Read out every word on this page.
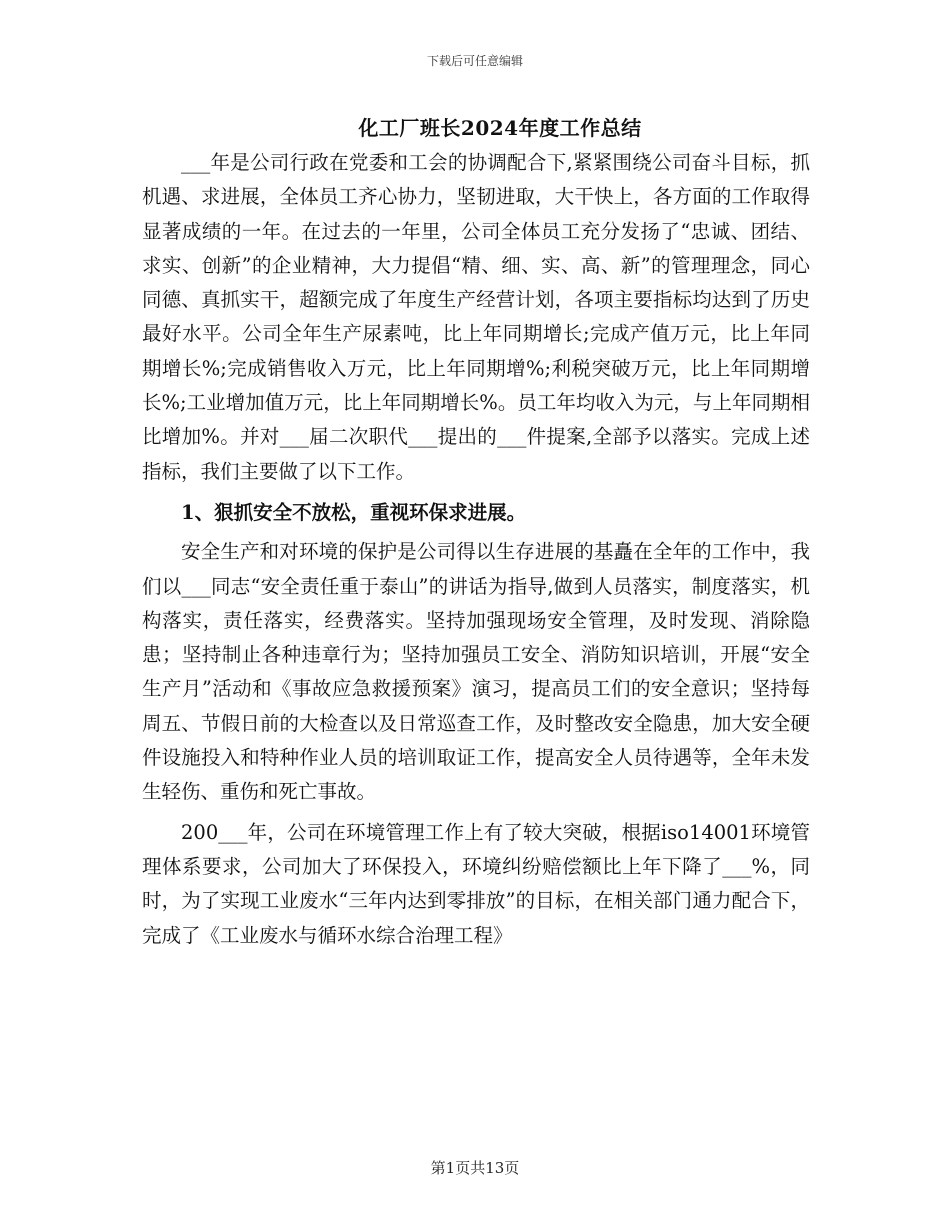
下载后可任意编辑
化工厂班长2024年度工作总结

___年是公司行政在党委和工会的协调配合下,紧紧围绕公司奋斗目标，抓机遇、求进展，全体员工齐心协力，坚韧进取，大干快上，各方面的工作取得显著成绩的一年。在过去的一年里，公司全体员工充分发扬了“忠诚、团结、求实、创新”的企业精神，大力提倡“精、细、实、高、新”的管理理念，同心同德、真抓实干，超额完成了年度生产经营计划，各项主要指标均达到了历史最好水平。公司全年生产尿素吨，比上年同期增长;完成产值万元，比上年同期增长%;完成销售收入万元，比上年同期增%;利税突破万元，比上年同期增长%;工业增加值万元，比上年同期增长%。员工年均收入为元，与上年同期相比增加%。并对___届二次职代___提出的___件提案,全部予以落实。完成上述指标，我们主要做了以下工作。

1、狠抓安全不放松，重视环保求进展。

安全生产和对环境的保护是公司得以生存进展的基矗在全年的工作中，我们以___同志“安全责任重于泰山”的讲话为指导,做到人员落实，制度落实，机构落实，责任落实，经费落实。坚持加强现场安全管理，及时发现、消除隐患；坚持制止各种违章行为；坚持加强员工安全、消防知识培训，开展“安全生产月”活动和《事故应急救援预案》演习，提高员工们的安全意识；坚持每周五、节假日前的大检查以及日常巡查工作，及时整改安全隐患，加大安全硬件设施投入和特种作业人员的培训取证工作，提高安全人员待遇等，全年未发生轻伤、重伤和死亡事故。

200___年，公司在环境管理工作上有了较大突破，根据iso14001环境管理体系要求，公司加大了环保投入，环境纠纷赔偿额比上年下降了___%，同时，为了实现工业废水“三年内达到零排放”的目标，在相关部门通力配合下，完成了《工业废水与循环水综合治理工程》

第1页共13页
